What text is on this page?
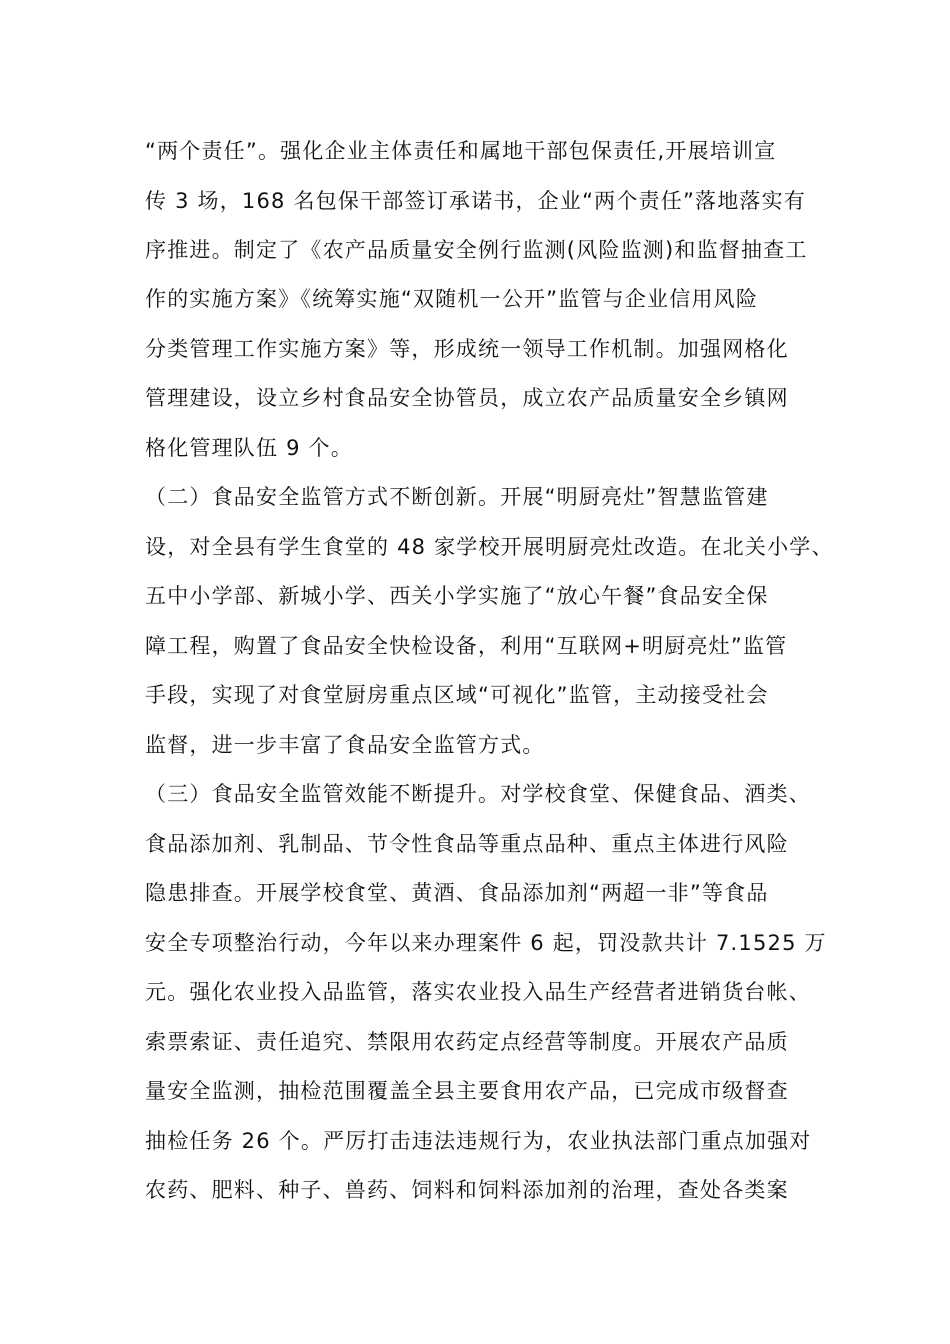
“两个责任”。强化企业主体责任和属地干部包保责任,开展培训宣
传 3 场，168 名包保干部签订承诺书，企业“两个责任”落地落实有
序推进。制定了《农产品质量安全例行监测(风险监测)和监督抽查工
作的实施方案》《统筹实施“双随机一公开”监管与企业信用风险
分类管理工作实施方案》等，形成统一领导工作机制。加强网格化
管理建设，设立乡村食品安全协管员，成立农产品质量安全乡镇网
格化管理队伍 9 个。
（二）食品安全监管方式不断创新。开展“明厨亮灶”智慧监管建
设，对全县有学生食堂的 48 家学校开展明厨亮灶改造。在北关小学、
五中小学部、新城小学、西关小学实施了“放心午餐”食品安全保
障工程，购置了食品安全快检设备，利用“互联网+明厨亮灶”监管
手段，实现了对食堂厨房重点区域“可视化”监管，主动接受社会
监督，进一步丰富了食品安全监管方式。
（三）食品安全监管效能不断提升。对学校食堂、保健食品、酒类、
食品添加剂、乳制品、节令性食品等重点品种、重点主体进行风险
隐患排查。开展学校食堂、黄酒、食品添加剂“两超一非”等食品
安全专项整治行动，今年以来办理案件 6 起，罚没款共计 7.1525 万
元。强化农业投入品监管，落实农业投入品生产经营者进销货台帐、
索票索证、责任追究、禁限用农药定点经营等制度。开展农产品质
量安全监测，抽检范围覆盖全县主要食用农产品，已完成市级督查
抽检任务 26 个。严厉打击违法违规行为，农业执法部门重点加强对
农药、肥料、种子、兽药、饲料和饲料添加剂的治理，查处各类案
